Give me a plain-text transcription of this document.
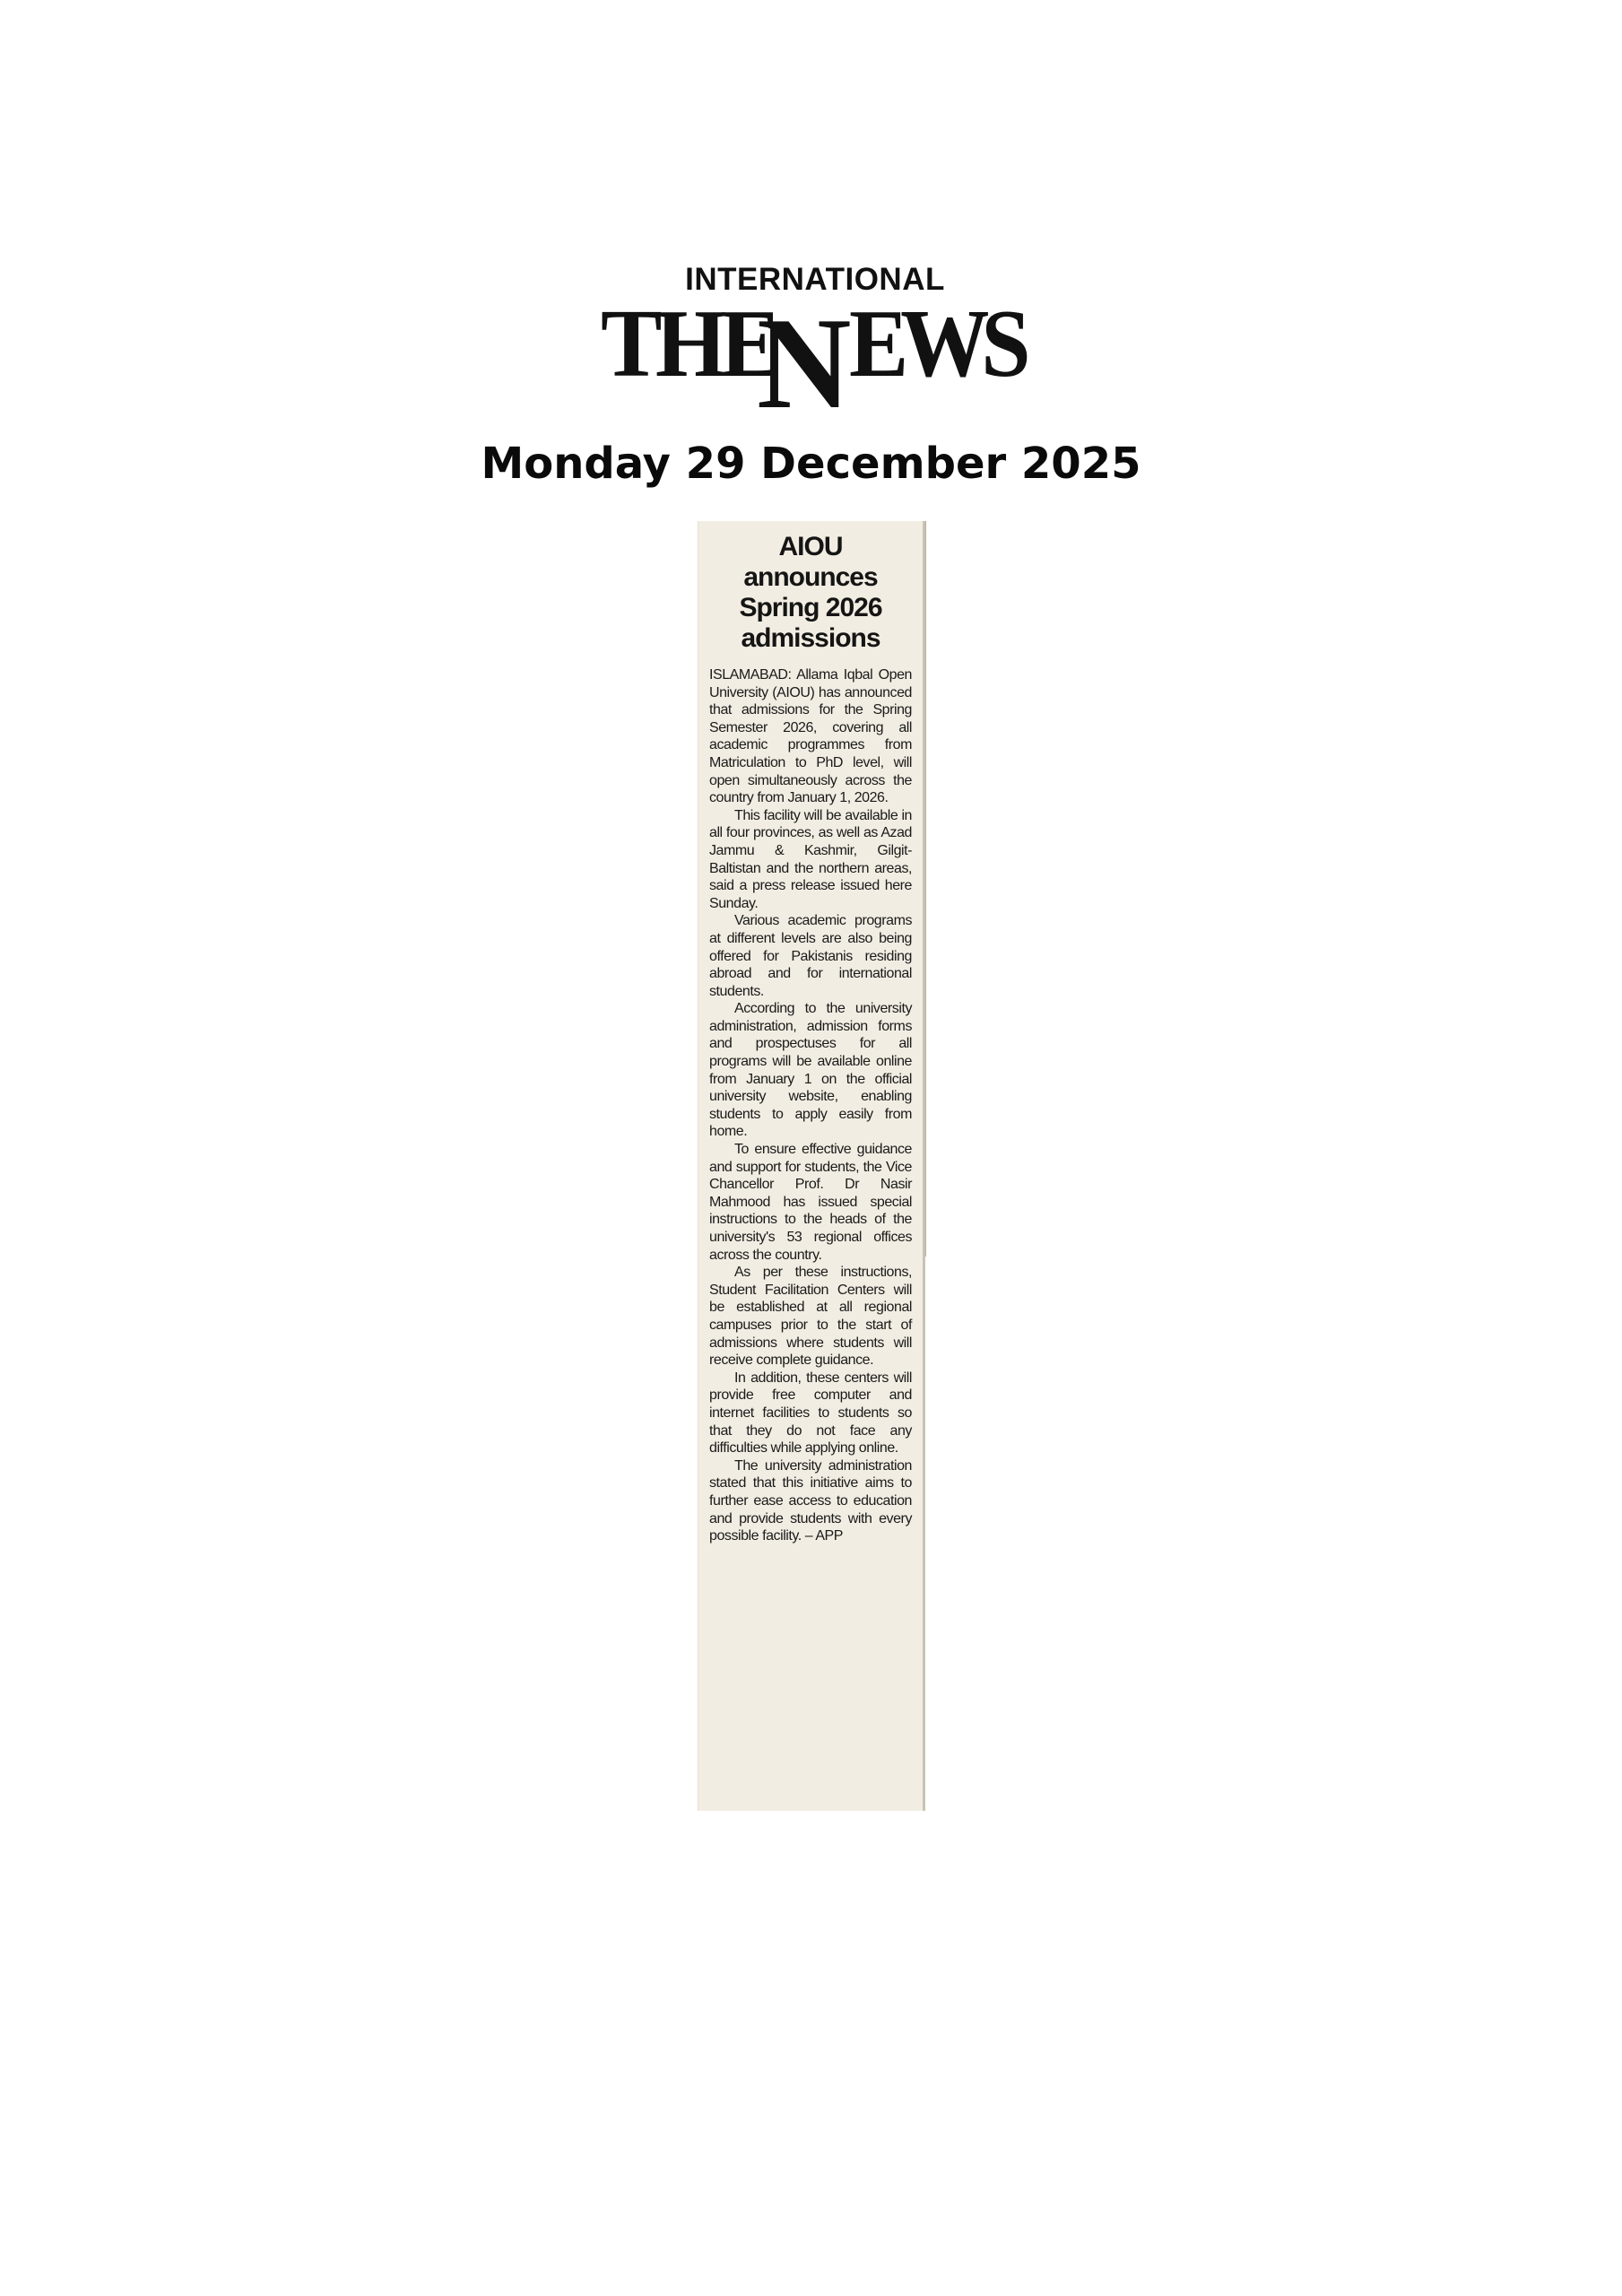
INTERNATIONAL
THE
N EWS
Monday 29 December 2025
AIOU announces
Spring 2026
admissions

ISLAMABAD: Allama Iqbal Open University (AIOU) has announced that admissions for the Spring Semester 2026, covering all academic programmes from Matriculation to PhD level, will open simultaneously across the country from January 1, 2026.

This facility will be available in all four provinces, as well as Azad Jammu & Kashmir, Gilgit-Baltistan and the northern areas, said a press release issued here Sunday.

Various academic programs at different levels are also being offered for Pakistanis residing abroad and for international students.

According to the university administration, admission forms and prospectuses for all programs will be available online from January 1 on the official university website, enabling students to apply easily from home.

To ensure effective guidance and support for students, the Vice Chancellor Prof. Dr Nasir Mahmood has issued special instructions to the heads of the university's 53 regional offices across the country.

As per these instructions, Student Facilitation Centers will be established at all regional campuses prior to the start of admissions where students will receive complete guidance.

In addition, these centers will provide free computer and internet facilities to students so that they do not face any difficulties while applying online.

The university administration stated that this initiative aims to further ease access to education and provide students with every possible facility. – APP
